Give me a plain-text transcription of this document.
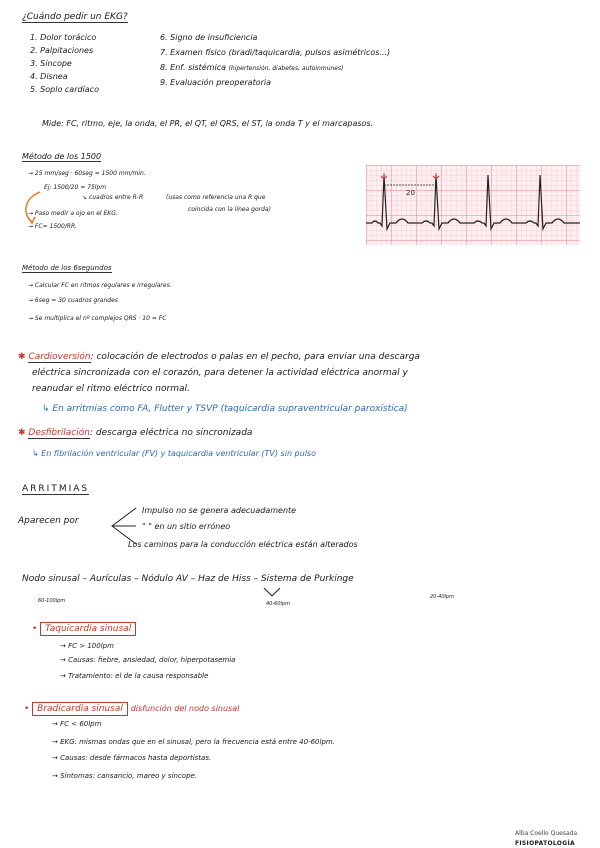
¿Cuándo pedir un EKG?
1. Dolor torácico
2. Palpitaciones
3. Síncope
4. Disnea
5. Soplo cardíaco
6. Signo de insuficiencia
7. Examen físico (bradi/taquicardia, pulsos asimétricos...)
8. Enf. sistémica (hipertensión, diabetes, autoinmunes)
9. Evaluación preoperatoria
Mide: FC, ritmo, eje, la onda, el PR, el QT, el QRS, el ST, la onda T y el marcapasos.
Método de los 1500
→ 25 mm/seg · 60seg = 1500 mm/min.
Ej: 1500/20 = 75lpm
↘ cuadros entre R-R	(usas como referencia una R que
coincida con la línea gorda)
→ Paso medir a ojo en el EKG.
→ FC= 1500/RR.
20
Método de los 6segundos
→ Calcular FC en ritmos regulares e irregulares.
→ 6seg = 30 cuadros grandes
→ Se multiplica el nº complejos QRS · 10 = FC
✱ Cardioversión: colocación de electrodos o palas en el pecho, para enviar una descarga
eléctrica sincronizada con el corazón, para detener la actividad eléctrica anormal y
reanudar el ritmo eléctrico normal.
↳ En arritmias como FA, Flutter y TSVP (taquicardia supraventricular paroxística)
✱ Desfibrilación: descarga eléctrica no sincronizada
↳ En fibrilación ventricular (FV) y taquicardia ventricular (TV) sin pulso
ARRITMIAS
Aparecen por
Impulso no se genera adecuadamente
" " en un sitio erróneo
Los caminos para la conducción eléctrica están alterados
Nodo sinusal – Aurículas – Nódulo AV – Haz de Hiss – Sistema de Purkinge
60-100lpm	40-60lpm
20-40lpm
• Taquicardia sinusal
→ FC > 100lpm
→ Causas: fiebre, ansiedad, dolor, hiperpotasemia
→ Tratamiento: el de la causa responsable
• Bradicardia sinusal disfunción del nodo sinusal
→ FC < 60lpm
→ EKG: mismas ondas que en el sinusal, pero la frecuencia está entre 40-60lpm.
→ Causas: desde fármacos hasta deportistas.
→ Síntomas: cansancio, mareo y síncope.
Alba Coello Quesada
FISIOPATOLOGÍA
